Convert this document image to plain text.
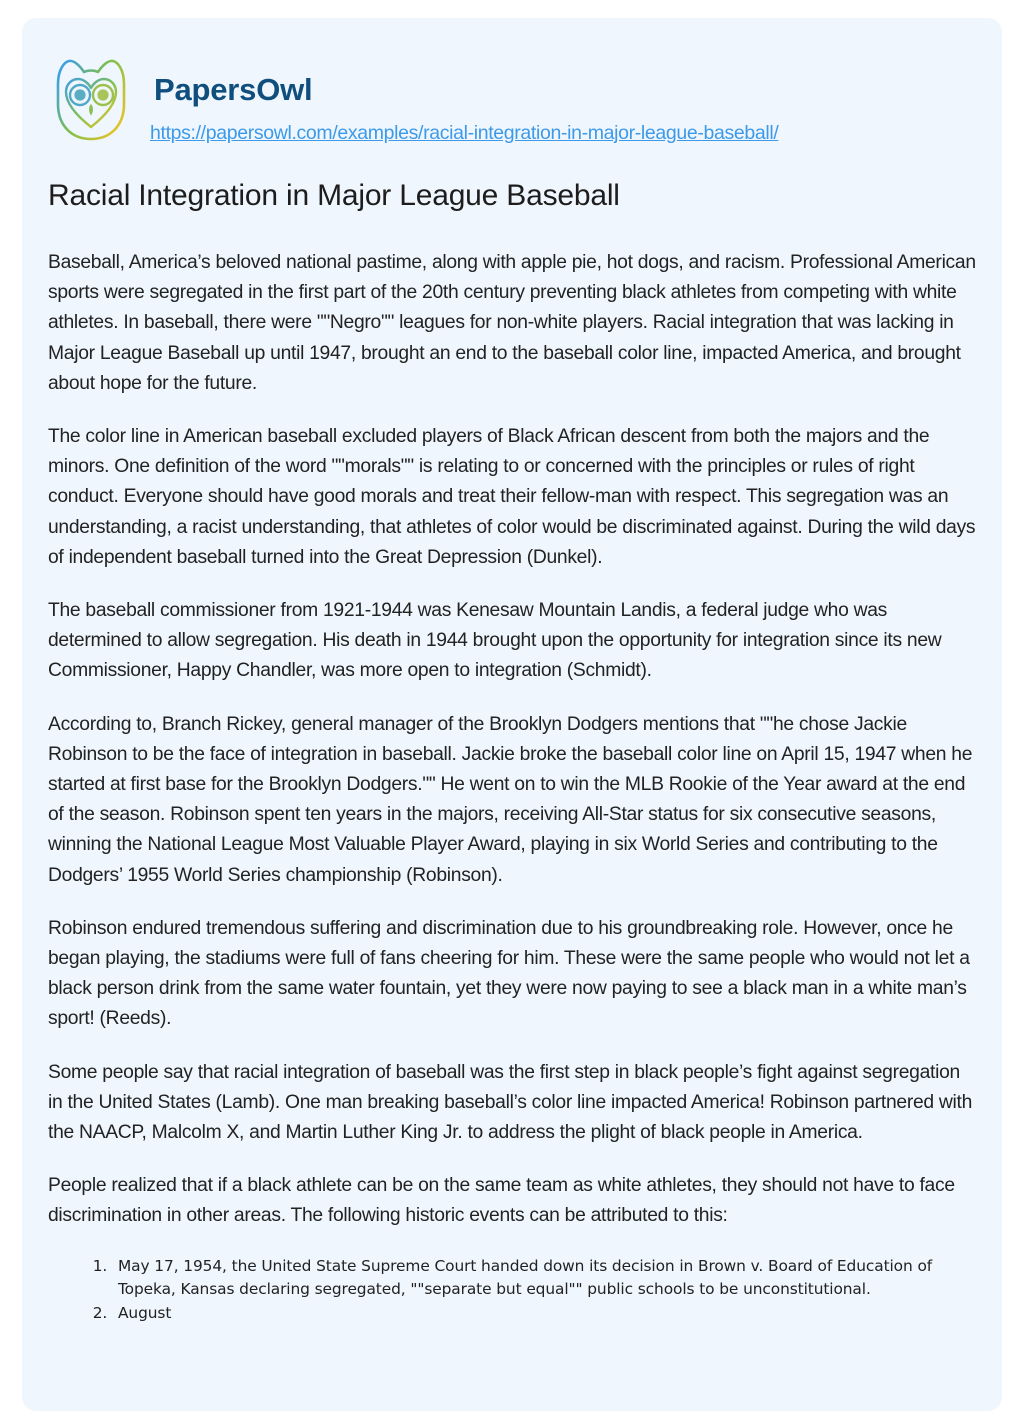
PapersOwl
https://papersowl.com/examples/racial-integration-in-major-league-baseball/
Racial Integration in Major League Baseball

Baseball, America’s beloved national pastime, along with apple pie, hot dogs, and racism. Professional American sports were segregated in the first part of the 20th century preventing black athletes from competing with white athletes. In baseball, there were ""Negro"" leagues for non-white players. Racial integration that was lacking in Major League Baseball up until 1947, brought an end to the baseball color line, impacted America, and brought about hope for the future.

The color line in American baseball excluded players of Black African descent from both the majors and the minors. One definition of the word ""morals"" is relating to or concerned with the principles or rules of right conduct. Everyone should have good morals and treat their fellow-man with respect. This segregation was an understanding, a racist understanding, that athletes of color would be discriminated against. During the wild days of independent baseball turned into the Great Depression (Dunkel).

The baseball commissioner from 1921-1944 was Kenesaw Mountain Landis, a federal judge who was determined to allow segregation. His death in 1944 brought upon the opportunity for integration since its new Commissioner, Happy Chandler, was more open to integration (Schmidt).

According to, Branch Rickey, general manager of the Brooklyn Dodgers mentions that ""he chose Jackie Robinson to be the face of integration in baseball. Jackie broke the baseball color line on April 15, 1947 when he started at first base for the Brooklyn Dodgers."" He went on to win the MLB Rookie of the Year award at the end of the season. Robinson spent ten years in the majors, receiving All-Star status for six consecutive seasons, winning the National League Most Valuable Player Award, playing in six World Series and contributing to the Dodgers’ 1955 World Series championship (Robinson).

Robinson endured tremendous suffering and discrimination due to his groundbreaking role. However, once he began playing, the stadiums were full of fans cheering for him. These were the same people who would not let a black person drink from the same water fountain, yet they were now paying to see a black man in a white man’s sport! (Reeds).

Some people say that racial integration of baseball was the first step in black people’s fight against segregation in the United States (Lamb). One man breaking baseball’s color line impacted America! Robinson partnered with the NAACP, Malcolm X, and Martin Luther King Jr. to address the plight of black people in America.

People realized that if a black athlete can be on the same team as white athletes, they should not have to face discrimination in other areas. The following historic events can be attributed to this:

1. May 17, 1954, the United State Supreme Court handed down its decision in Brown v. Board of Education of Topeka, Kansas declaring segregated, ""separate but equal"" public schools to be unconstitutional.
2. August
